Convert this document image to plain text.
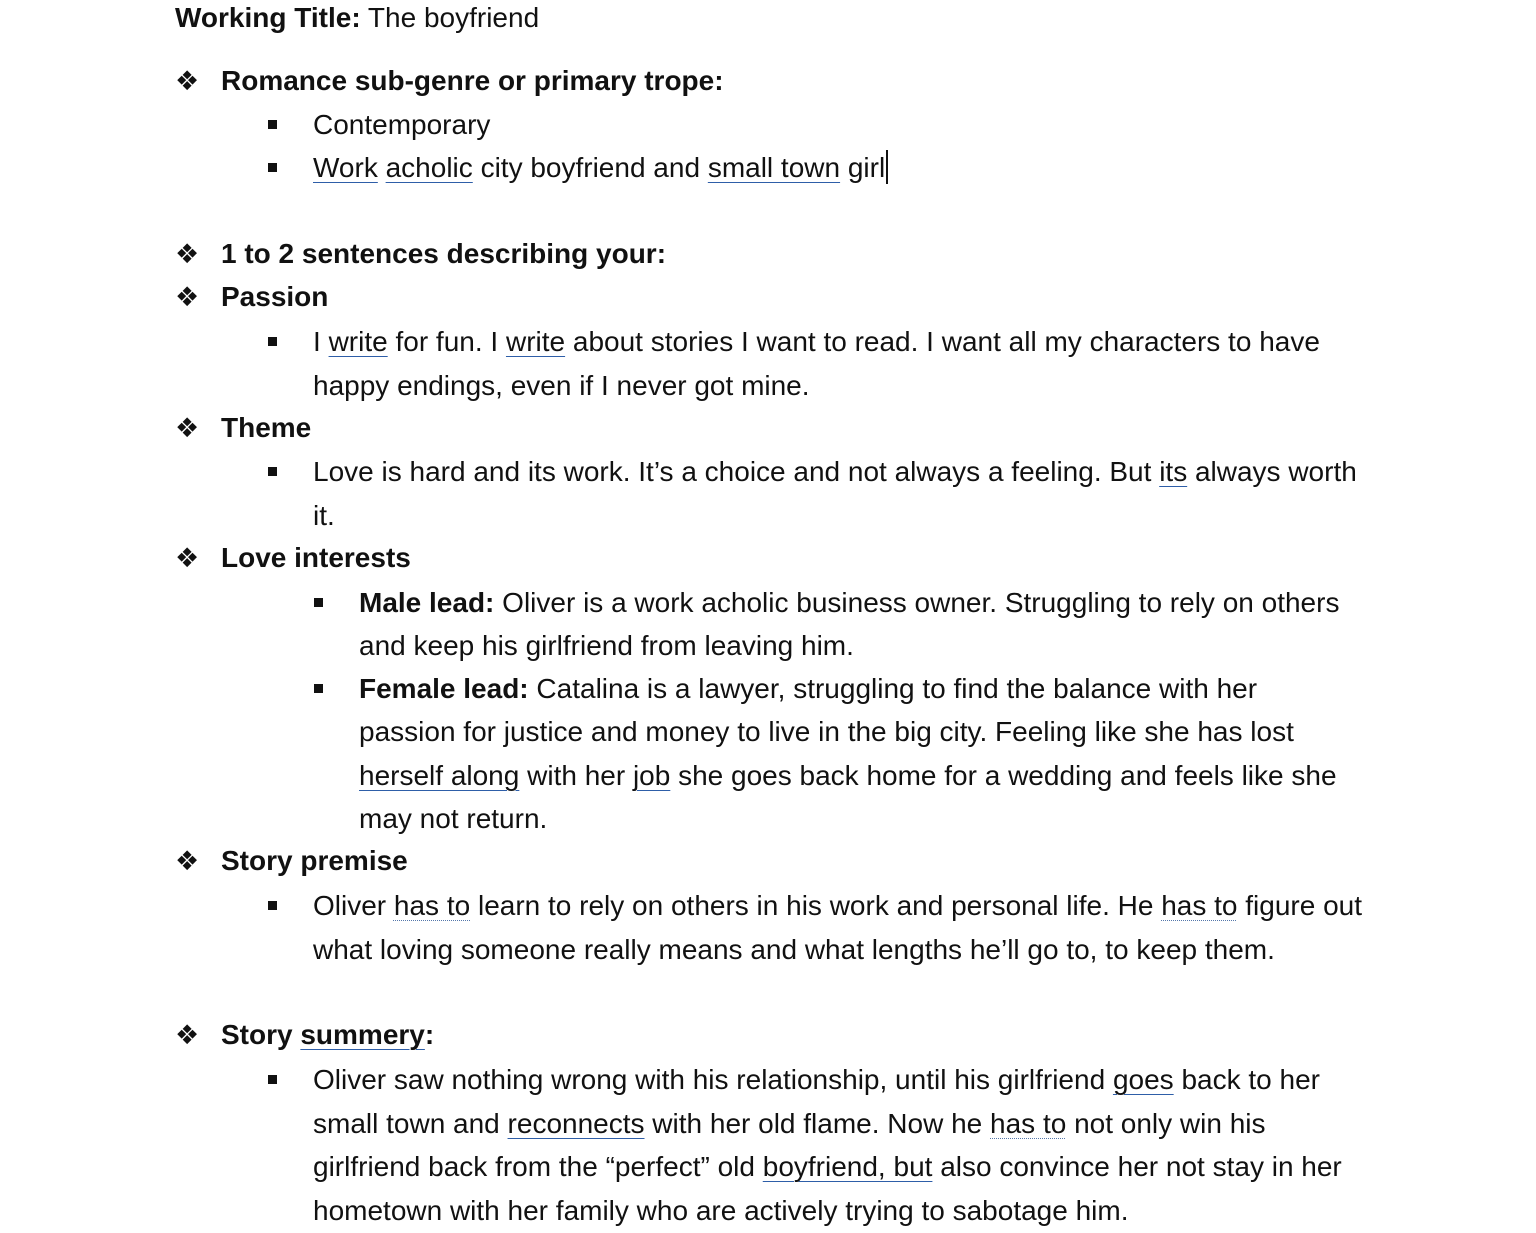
Working Title: The boyfriend
❖ Romance sub-genre or primary trope:
Contemporary
Work acholic city boyfriend and small town girl
❖ 1 to 2 sentences describing your:
❖ Passion
I write for fun. I write about stories I want to read. I want all my characters to have happy endings, even if I never got mine.
❖ Theme
Love is hard and its work. It’s a choice and not always a feeling. But its always worth it.
❖ Love interests
Male lead: Oliver is a work acholic business owner. Struggling to rely on others and keep his girlfriend from leaving him.
Female lead: Catalina is a lawyer, struggling to find the balance with her passion for justice and money to live in the big city. Feeling like she has lost herself along with her job she goes back home for a wedding and feels like she may not return.
❖ Story premise
Oliver has to learn to rely on others in his work and personal life. He has to figure out what loving someone really means and what lengths he’ll go to, to keep them.
❖ Story summery:
Oliver saw nothing wrong with his relationship, until his girlfriend goes back to her small town and reconnects with her old flame. Now he has to not only win his girlfriend back from the “perfect” old boyfriend, but also convince her not stay in her hometown with her family who are actively trying to sabotage him.
